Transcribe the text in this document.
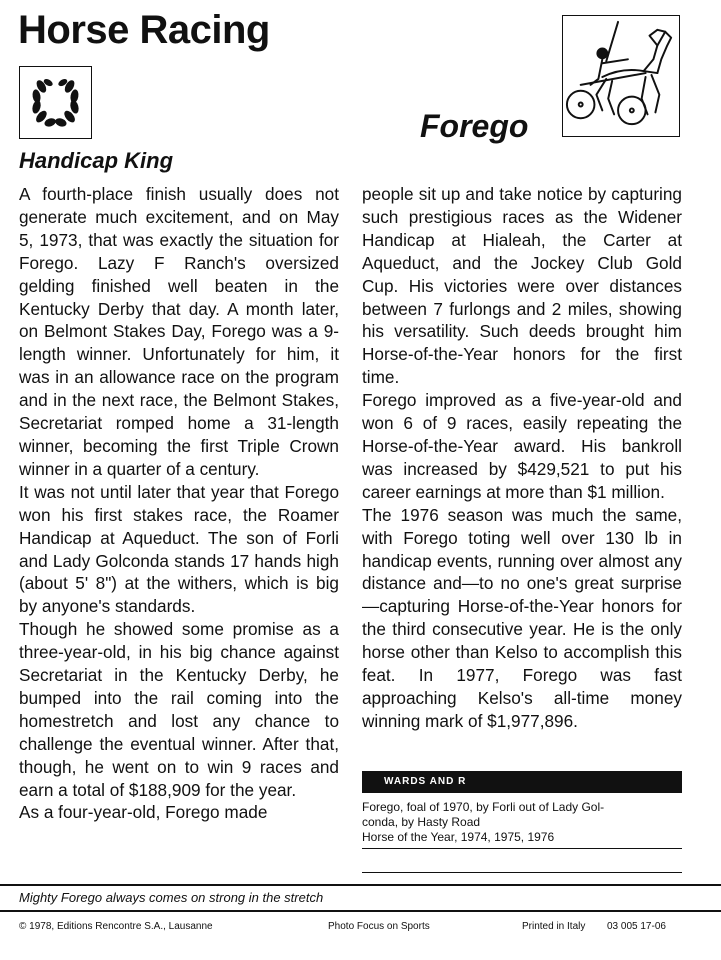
Horse Racing
Forego
Handicap King

A fourth-place finish usually does not generate much excitement, and on May 5, 1973, that was exactly the situation for Forego. Lazy F Ranch's oversized gelding finished well beaten in the Kentucky Derby that day. A month later, on Belmont Stakes Day, Forego was a 9-length winner. Unfortunately for him, it was in an allowance race on the program and in the next race, the Belmont Stakes, Secretariat romped home a 31-length winner, becoming the first Triple Crown winner in a quarter of a century.

It was not until later that year that Forego won his first stakes race, the Roamer Handicap at Aqueduct. The son of Forli and Lady Golconda stands 17 hands high (about 5' 8") at the withers, which is big by anyone's standards.

Though he showed some promise as a three-year-old, in his big chance against Secretariat in the Kentucky Derby, he bumped into the rail coming into the homestretch and lost any chance to challenge the eventual winner. After that, though, he went on to win 9 races and earn a total of $188,909 for the year.

As a four-year-old, Forego made

people sit up and take notice by capturing such prestigious races as the Widener Handicap at Hialeah, the Carter at Aqueduct, and the Jockey Club Gold Cup. His victories were over distances between 7 furlongs and 2 miles, showing his versatility. Such deeds brought him Horse-of-the-Year honors for the first time.

Forego improved as a five-year-old and won 6 of 9 races, easily repeating the Horse-of-the-Year award. His bankroll was increased by $429,521 to put his career earnings at more than $1 million.

The 1976 season was much the same, with Forego toting well over 130 lb in handicap events, running over almost any distance and—to no one's great surprise—capturing Horse-of-the-Year honors for the third consecutive year. He is the only horse other than Kelso to accomplish this feat. In 1977, Forego was fast approaching Kelso's all-time money winning mark of $1,977,896.

WARDS AND R
Forego, foal of 1970, by Forli out of Lady Gol-
conda, by Hasty Road
Horse of the Year, 1974, 1975, 1976
Mighty Forego always comes on strong in the stretch
© 1978, Editions Rencontre S.A., Lausanne	Photo Focus on Sports	Printed in Italy 03 005 17-06
